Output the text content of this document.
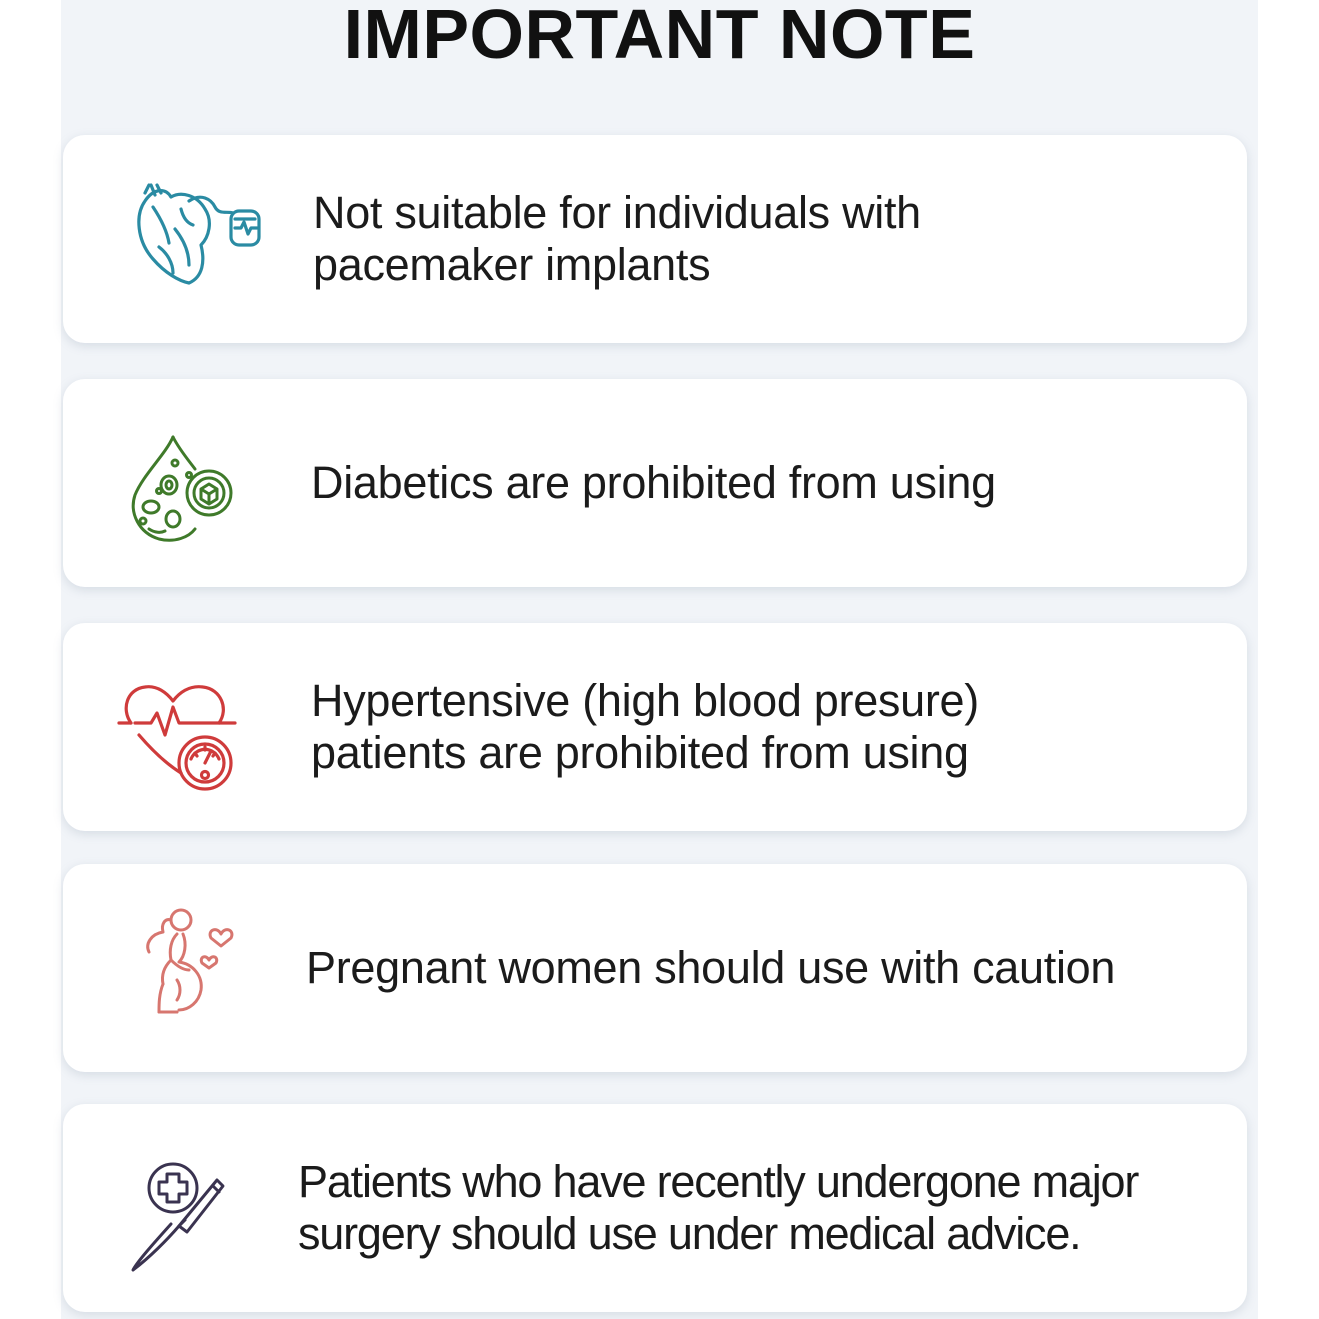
IMPORTANT NOTE
Not suitable for individuals with
pacemaker implants
Diabetics are prohibited from using
Hypertensive (high blood presure)
patients are prohibited from using
Pregnant women should use with caution
Patients who have recently undergone major
surgery should use under medical advice.
